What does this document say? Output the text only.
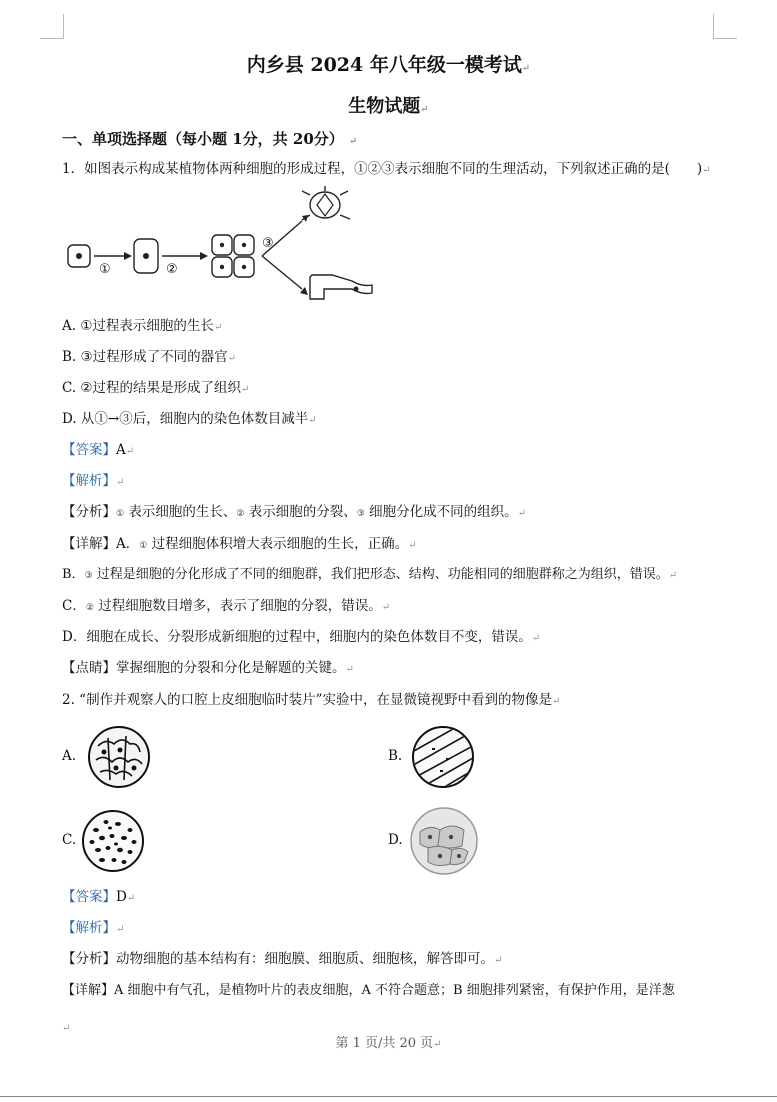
内乡县 2024 年八年级一模考试↵
生物试题↵
一、单项选择题（每小题 1分，共 20分） ↵
1．如图表示构成某植物体两种细胞的形成过程，①②③表示细胞不同的生理活动，下列叙述正确的是(　　)↵
①	②
③
A. ①过程表示细胞的生长↵
B. ③过程形成了不同的器官↵
C. ②过程的结果是形成了组织↵
D. 从①→③后，细胞内的染色体数目减半↵
【答案】A↵
【解析】↵
【分析】① 表示细胞的生长、② 表示细胞的分裂、③ 细胞分化成不同的组织。↵
【详解】A．① 过程细胞体积增大表示细胞的生长，正确。↵
B．③ 过程是细胞的分化形成了不同的细胞群，我们把形态、结构、功能相同的细胞群称之为组织，错误。↵
C．② 过程细胞数目增多，表示了细胞的分裂，错误。↵
D．细胞在成长、分裂形成新细胞的过程中，细胞内的染色体数目不变，错误。↵
【点睛】掌握细胞的分裂和分化是解题的关键。↵
2. “制作并观察人的口腔上皮细胞临时装片”实验中，在显微镜视野中看到的物像是↵
A.	B.
C.	D.
【答案】D↵
【解析】↵
【分析】动物细胞的基本结构有：细胞膜、细胞质、细胞核，解答即可。↵
【详解】A 细胞中有气孔，是植物叶片的表皮细胞，A 不符合题意；B 细胞排列紧密，有保护作用，是洋葱
第 1 页/共 20 页↵
↵
